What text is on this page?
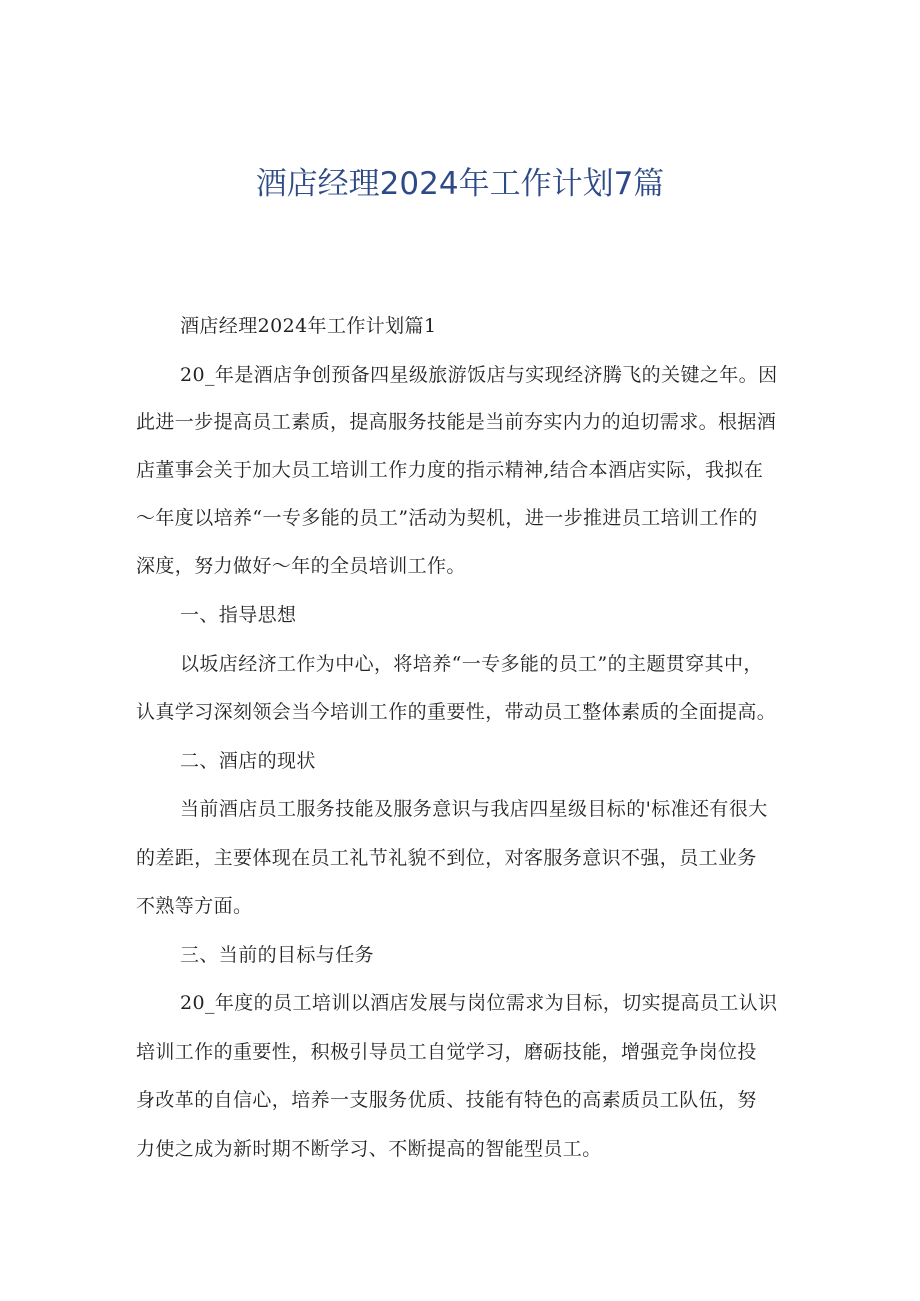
酒店经理2024年工作计划7篇
酒店经理2024年工作计划篇1
20_年是酒店争创预备四星级旅游饭店与实现经济腾飞的关键之年。因
此进一步提高员工素质，提高服务技能是当前夯实内力的迫切需求。根据酒
店董事会关于加大员工培训工作力度的指示精神,结合本酒店实际，我拟在
～年度以培养“一专多能的员工”活动为契机，进一步推进员工培训工作的
深度，努力做好～年的全员培训工作。
一、指导思想
以坂店经济工作为中心，将培养“一专多能的员工”的主题贯穿其中，
认真学习深刻领会当今培训工作的重要性，带动员工整体素质的全面提高。
二、酒店的现状
当前酒店员工服务技能及服务意识与我店四星级目标的'标准还有很大
的差距，主要体现在员工礼节礼貌不到位，对客服务意识不强，员工业务
不熟等方面。
三、当前的目标与任务
20_年度的员工培训以酒店发展与岗位需求为目标，切实提高员工认识
培训工作的重要性，积极引导员工自觉学习，磨砺技能，增强竞争岗位投
身改革的自信心，培养一支服务优质、技能有特色的高素质员工队伍，努
力使之成为新时期不断学习、不断提高的智能型员工。
